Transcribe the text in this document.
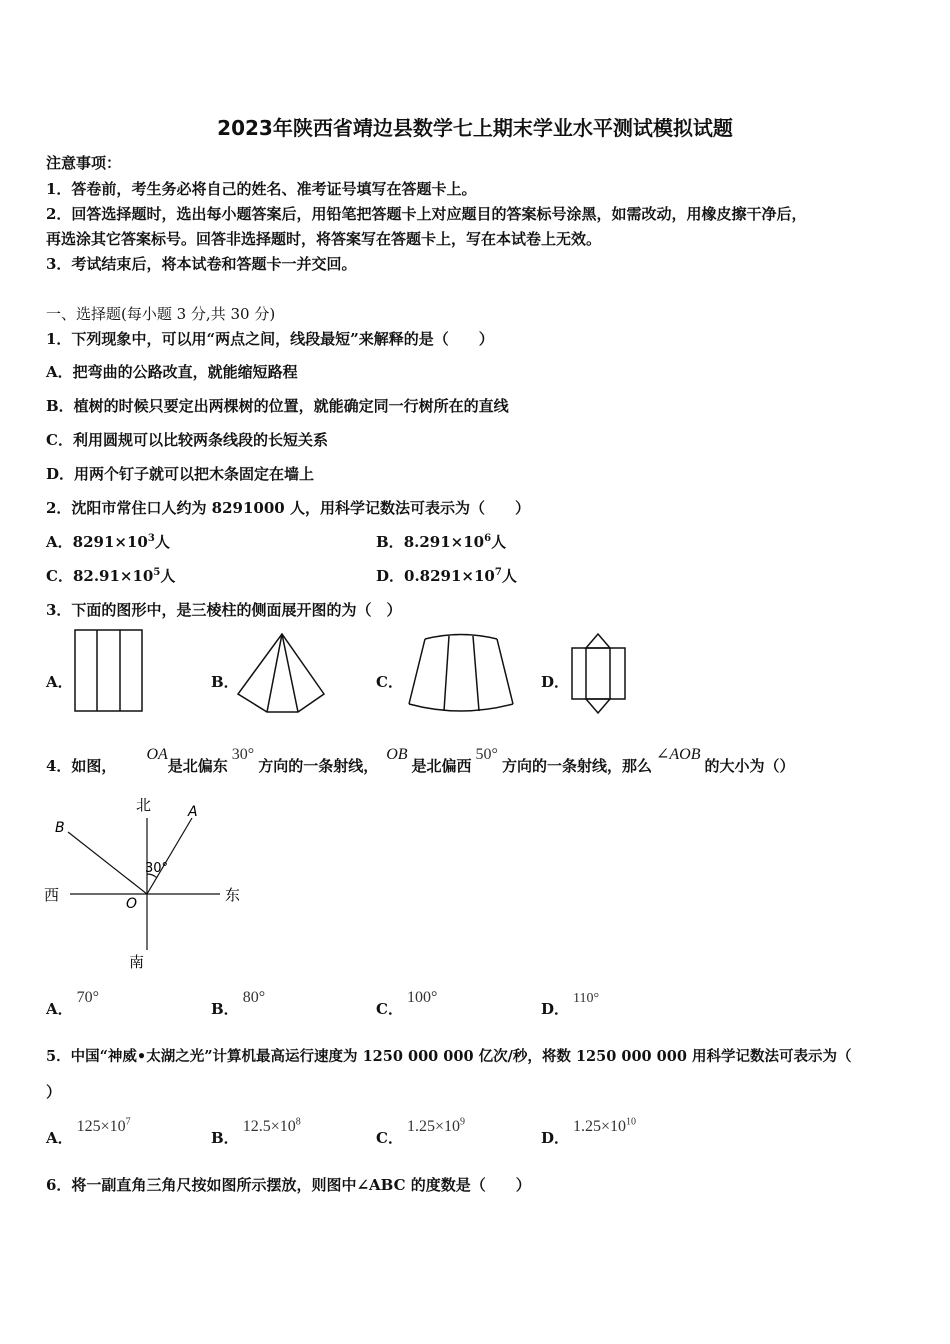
2023年陕西省靖边县数学七上期末学业水平测试模拟试题
注意事项：
1．答卷前，考生务必将自己的姓名、准考证号填写在答题卡上。
2．回答选择题时，选出每小题答案后，用铅笔把答题卡上对应题目的答案标号涂黑，如需改动，用橡皮擦干净后，
再选涂其它答案标号。回答非选择题时，将答案写在答题卡上，写在本试卷上无效。
3．考试结束后，将本试卷和答题卡一并交回。
一、选择题(每小题 3 分,共 30 分)
1．下列现象中，可以用“两点之间，线段最短”来解释的是（　　）
A．把弯曲的公路改直，就能缩短路程
B．植树的时候只要定出两棵树的位置，就能确定同一行树所在的直线
C．利用圆规可以比较两条线段的长短关系
D．用两个钉子就可以把木条固定在墙上
2．沈阳市常住口人约为 8291000 人，用科学记数法可表示为（　　）
A．$8291\times 10^3$人	B．$8.291\times 10^6$人
C．$82.91\times 10^5$人	D．$0.8291\times 10^7$人
3．下面的图形中，是三棱柱的侧面展开图的为（　）
A．	B．	C．	D．
4．如图，OA是北偏东30°方向的一条射线，OB是北偏西50°方向的一条射线，那么∠AOB的大小为（）
北
南
西	东
A
B
O
30°
A．70°
B．80°
C．100°
D．110°
5．中国“神威•太湖之光”计算机最高运行速度为 1250 000 000 亿次/秒，将数 1250 000 000 用科学记数法可表示为（
）
A．$125\times 10^7$
B．$12.5\times 10^8$
C．$1.25\times 10^9$
D．$1.25\times 10^{10}$
6．将一副直角三角尺按如图所示摆放，则图中∠ABC 的度数是（　　）
